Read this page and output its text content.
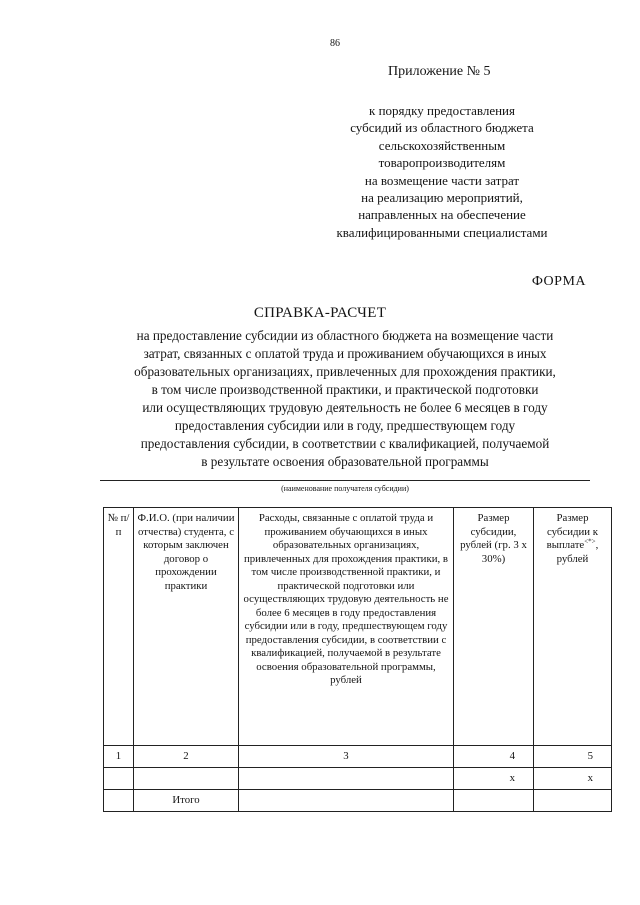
86
Приложение № 5
к порядку предоставления
субсидий из областного бюджета
сельскохозяйственным
товаропроизводителям
на возмещение части затрат
на реализацию мероприятий,
направленных на обеспечение
квалифицированными специалистами
ФОРМА
СПРАВКА-РАСЧЕТ
на предоставление субсидии из областного бюджета на возмещение части
затрат, связанных с оплатой труда и проживанием обучающихся в иных
образовательных организациях, привлеченных для прохождения практики,
в том числе производственной практики, и практической подготовки
или осуществляющих трудовую деятельность не более 6 месяцев в году
предоставления субсидии или в году, предшествующем году
предоставления субсидии, в соответствии с квалификацией, получаемой
в результате освоения образовательной программы
(наименование получателя субсидии)
№ п/п	Ф.И.О. (при наличии отчества) студента, с которым заключен договор о прохождении практики	Расходы, связанные с оплатой труда и проживанием обучающихся в иных образовательных организациях, привлеченных для прохождения практики, в том числе производственной практики, и практической подготовки или осуществляющих трудовую деятельность не более 6 месяцев в году предоставления субсидии или в году, предшествующем году предоставления субсидии, в соответствии с квалификацией, получаемой в результате освоения образовательной программы, рублей	Размер субсидии, рублей (гр. 3 x 30%)	Размер субсидии к выплате<*>, рублей
1	2	3	4	5
			х	х
	Итого			
